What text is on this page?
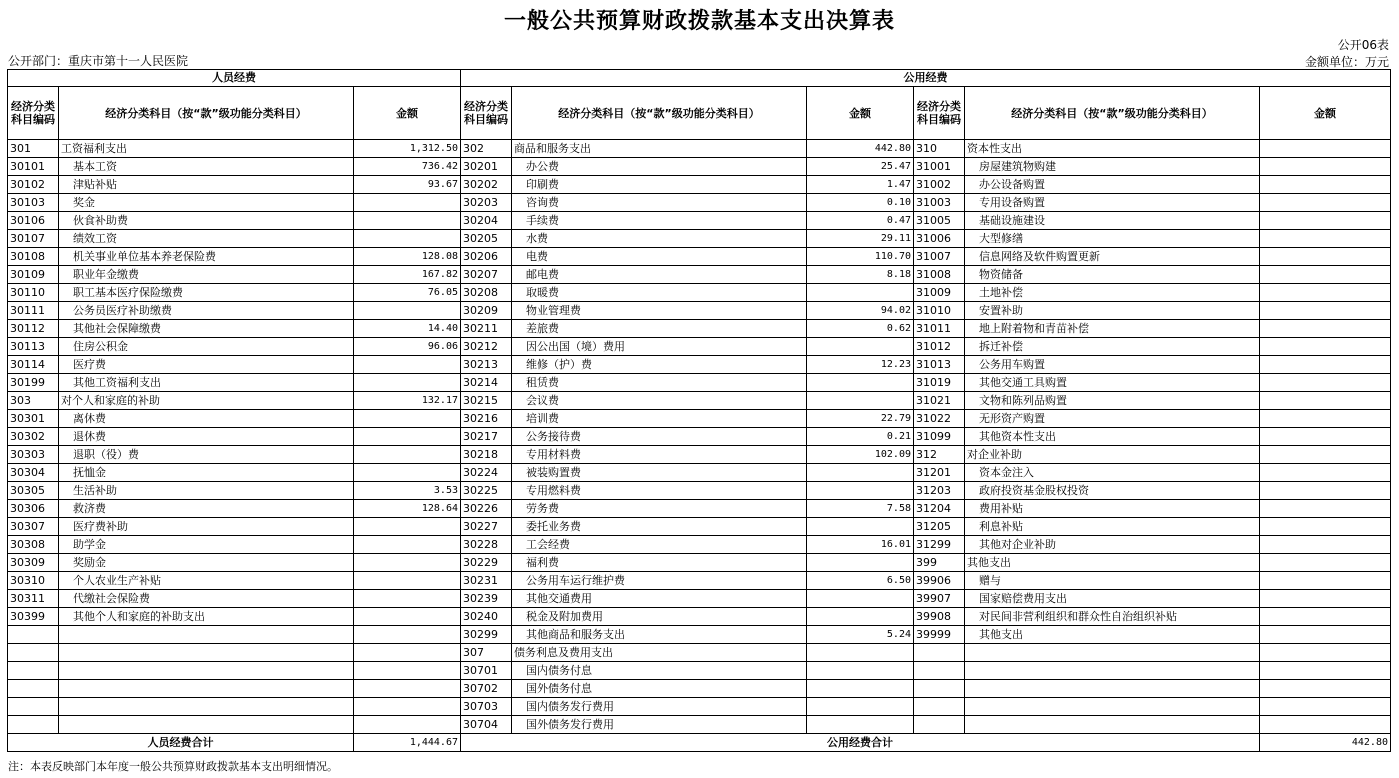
一般公共预算财政拨款基本支出决算表
公开06表
金额单位：万元
公开部门：重庆市第十一人民医院
人员经费			公用经费					
经济分类科目编码	经济分类科目（按“款”级功能分类科目）	金额	经济分类科目编码	经济分类科目（按“款”级功能分类科目）	金额	经济分类科目编码	经济分类科目（按“款”级功能分类科目）	金额
301	工资福利支出	1,312.50	302	商品和服务支出	442.80	310	资本性支出	
30101	基本工资	736.42	30201	办公费	25.47	31001	房屋建筑物购建	
30102	津贴补贴	93.67	30202	印刷费	1.47	31002	办公设备购置	
30103	奖金		30203	咨询费	0.10	31003	专用设备购置	
30106	伙食补助费		30204	手续费	0.47	31005	基础设施建设	
30107	绩效工资		30205	水费	29.11	31006	大型修缮	
30108	机关事业单位基本养老保险费	128.08	30206	电费	110.70	31007	信息网络及软件购置更新	
30109	职业年金缴费	167.82	30207	邮电费	8.18	31008	物资储备	
30110	职工基本医疗保险缴费	76.05	30208	取暖费		31009	土地补偿	
30111	公务员医疗补助缴费		30209	物业管理费	94.02	31010	安置补助	
30112	其他社会保障缴费	14.40	30211	差旅费	0.62	31011	地上附着物和青苗补偿	
30113	住房公积金	96.06	30212	因公出国（境）费用		31012	拆迁补偿	
30114	医疗费		30213	维修（护）费	12.23	31013	公务用车购置	
30199	其他工资福利支出		30214	租赁费		31019	其他交通工具购置	
303	对个人和家庭的补助	132.17	30215	会议费		31021	文物和陈列品购置	
30301	离休费		30216	培训费	22.79	31022	无形资产购置	
30302	退休费		30217	公务接待费	0.21	31099	其他资本性支出	
30303	退职（役）费		30218	专用材料费	102.09	312	对企业补助	
30304	抚恤金		30224	被装购置费		31201	资本金注入	
30305	生活补助	3.53	30225	专用燃料费		31203	政府投资基金股权投资	
30306	救济费	128.64	30226	劳务费	7.58	31204	费用补贴	
30307	医疗费补助		30227	委托业务费		31205	利息补贴	
30308	助学金		30228	工会经费	16.01	31299	其他对企业补助	
30309	奖励金		30229	福利费		399	其他支出	
30310	个人农业生产补贴		30231	公务用车运行维护费	6.50	39906	赠与	
30311	代缴社会保险费		30239	其他交通费用		39907	国家赔偿费用支出	
30399	其他个人和家庭的补助支出		30240	税金及附加费用		39908	对民间非营利组织和群众性自治组织补贴	
			30299	其他商品和服务支出	5.24	39999	其他支出	
			307	债务利息及费用支出				
			30701	国内债务付息				
			30702	国外债务付息				
			30703	国内债务发行费用				
			30704	国外债务发行费用				
人员经费合计		1,444.67	公用经费合计					442.80
注：本表反映部门本年度一般公共预算财政拨款基本支出明细情况。
